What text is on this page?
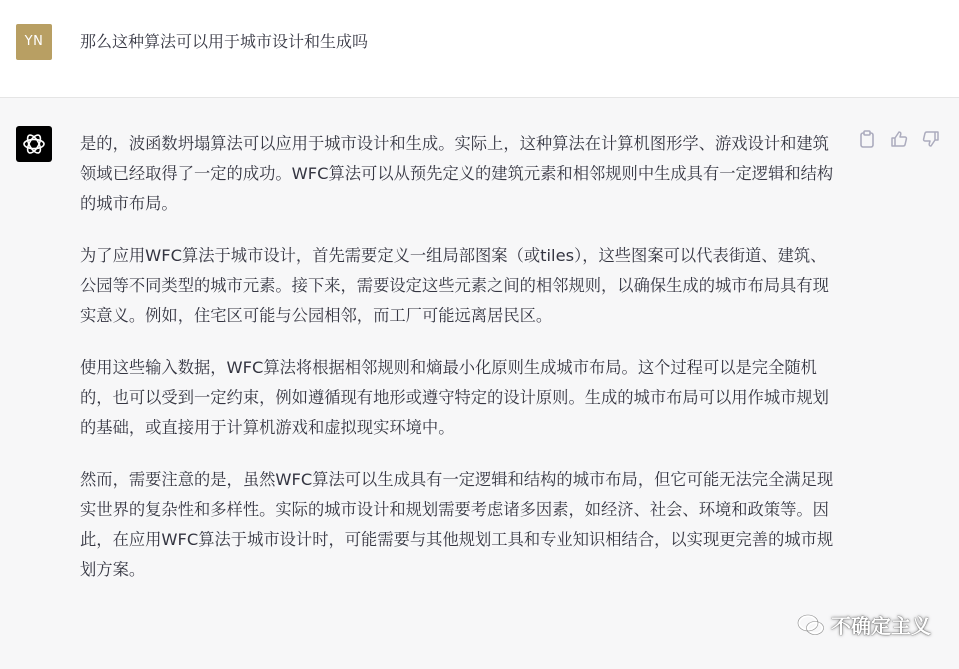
YN	那么这种算法可以用于城市设计和生成吗

是的，波函数坍塌算法可以应用于城市设计和生成。实际上，这种算法在计算机图形学、游戏设计和建筑领域已经取得了一定的成功。WFC算法可以从预先定义的建筑元素和相邻规则中生成具有一定逻辑和结构的城市布局。

为了应用WFC算法于城市设计，首先需要定义一组局部图案（或tiles），这些图案可以代表街道、建筑、公园等不同类型的城市元素。接下来，需要设定这些元素之间的相邻规则，以确保生成的城市布局具有现实意义。例如，住宅区可能与公园相邻，而工厂可能远离居民区。

使用这些输入数据，WFC算法将根据相邻规则和熵最小化原则生成城市布局。这个过程可以是完全随机的，也可以受到一定约束，例如遵循现有地形或遵守特定的设计原则。生成的城市布局可以用作城市规划的基础，或直接用于计算机游戏和虚拟现实环境中。

然而，需要注意的是，虽然WFC算法可以生成具有一定逻辑和结构的城市布局，但它可能无法完全满足现实世界的复杂性和多样性。实际的城市设计和规划需要考虑诸多因素，如经济、社会、环境和政策等。因此，在应用WFC算法于城市设计时，可能需要与其他规划工具和专业知识相结合，以实现更完善的城市规划方案。

不确定主义
